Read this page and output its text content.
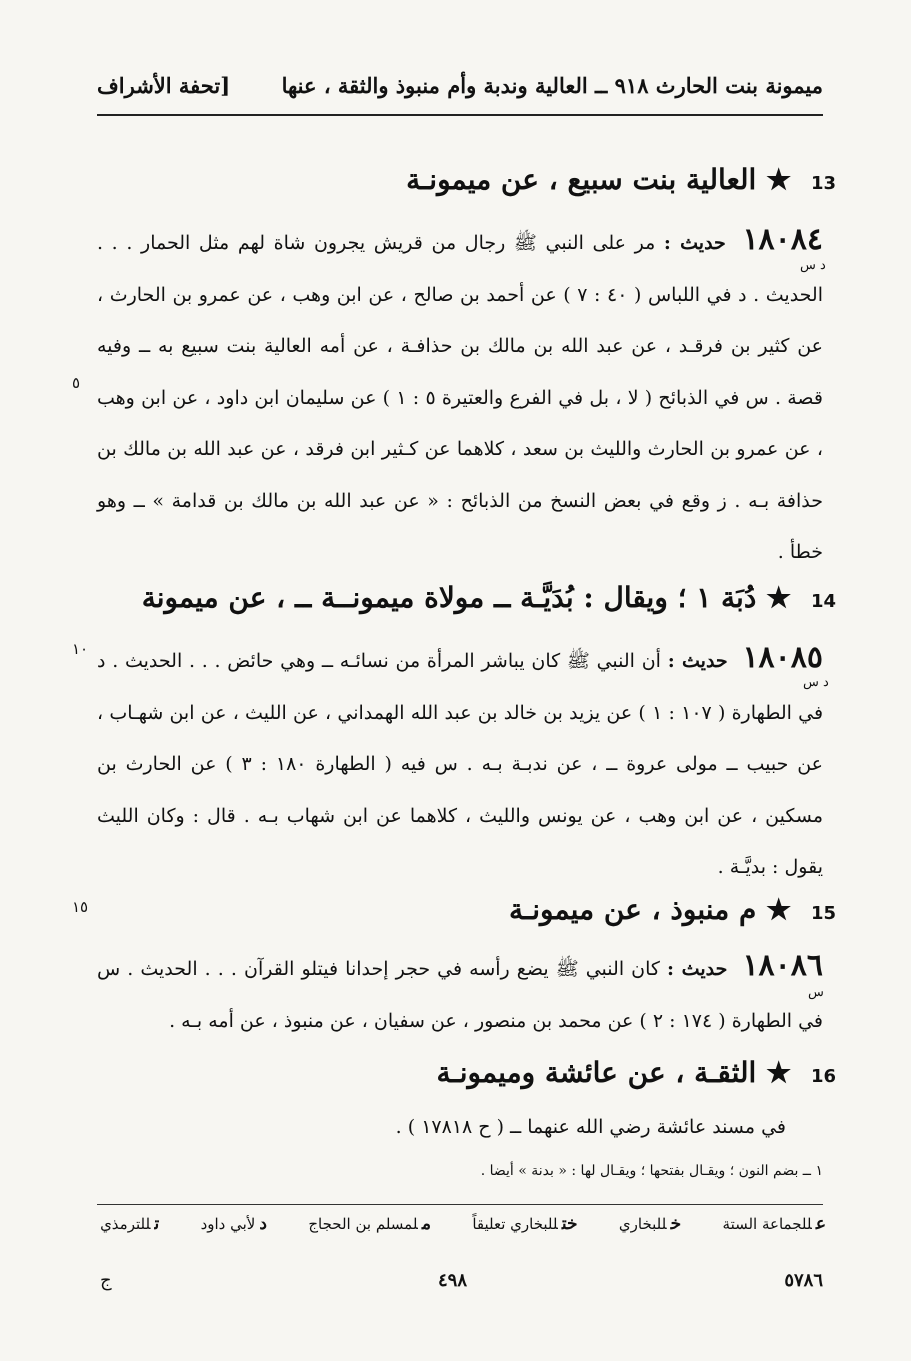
ميمونة بنت الحارث ٩١٨ ــ العالية وندبة وأم منبوذ والثقة ، عنها
[تحفة الأشراف
13 ★ العالية بنت سبيع ، عن ميمونـة
١٨٠٨٤ حديث : مر على النبي ﷺ رجال من قريش يجرون شاة لهم مثل الحمار . . . الحديث . د في اللباس ( ٤٠ : ٧ ) عن أحمد بن صالح ، عن ابن وهب ، عن عمرو بن الحارث ، عن كثير بن فرقـد ، عن عبد الله بن مالك بن حذافـة ، عن أمه العالية بنت سبيع به ــ وفيه قصة . س في الذبائح ( لا ، بل في الفرع والعتيرة ٥ : ١ ) عن سليمان ابن داود ، عن ابن وهب ، عن عمرو بن الحارث والليث بن سعد ، كلاهما عن كـثير ابن فرقد ، عن عبد الله بن مالك بن حذافة بـه . ز وقع في بعض النسخ من الذبائح : « عن عبد الله بن مالك بن قدامة » ــ وهو خطأ .
د س
٥
14 ★ دُبَة ١ ؛ ويقال : بُدَيَّـة ــ مولاة ميمونــة ــ ، عن ميمونة
١٨٠٨٥ حديث : أن النبي ﷺ كان يباشر المرأة من نسائـه ــ وهي حائض . . . الحديث . د في الطهارة ( ١٠٧ : ١ ) عن يزيد بن خالد بن عبد الله الهمداني ، عن الليث ، عن ابن شهـاب ، عن حبيب ــ مولى عروة ــ ، عن ندبـة بـه . س فيه ( الطهارة ١٨٠ : ٣ ) عن الحارث بن مسكين ، عن ابن وهب ، عن يونس والليث ، كلاهما عن ابن شهاب بـه . قال : وكان الليث يقول : بديَّـة .
د س
١٠
15 ★ م منبوذ ، عن ميمونـة
١٨٠٨٦ حديث : كان النبي ﷺ يضع رأسه في حجر إحدانا فيتلو القرآن . . . الحديث . س في الطهارة ( ١٧٤ : ٢ ) عن محمد بن منصور ، عن سفيان ، عن منبوذ ، عن أمه بـه .
س
١٥
16 ★ الثقـة ، عن عائشة وميمونـة
في مسند عائشة رضي الله عنهما ــ ( ح ١٧٨١٨ ) .
١ ــ بضم النون ؛ ويقـال بفتحها ؛ ويقـال لها : « بدنة » أيضا .
عللجماعة الستة
خللبخاري
ختللبخاري تعليقاً
ملمسلم بن الحجاج
دلأبي داود
تللترمذي
٥٧٨٦
٤٩٨
ج
